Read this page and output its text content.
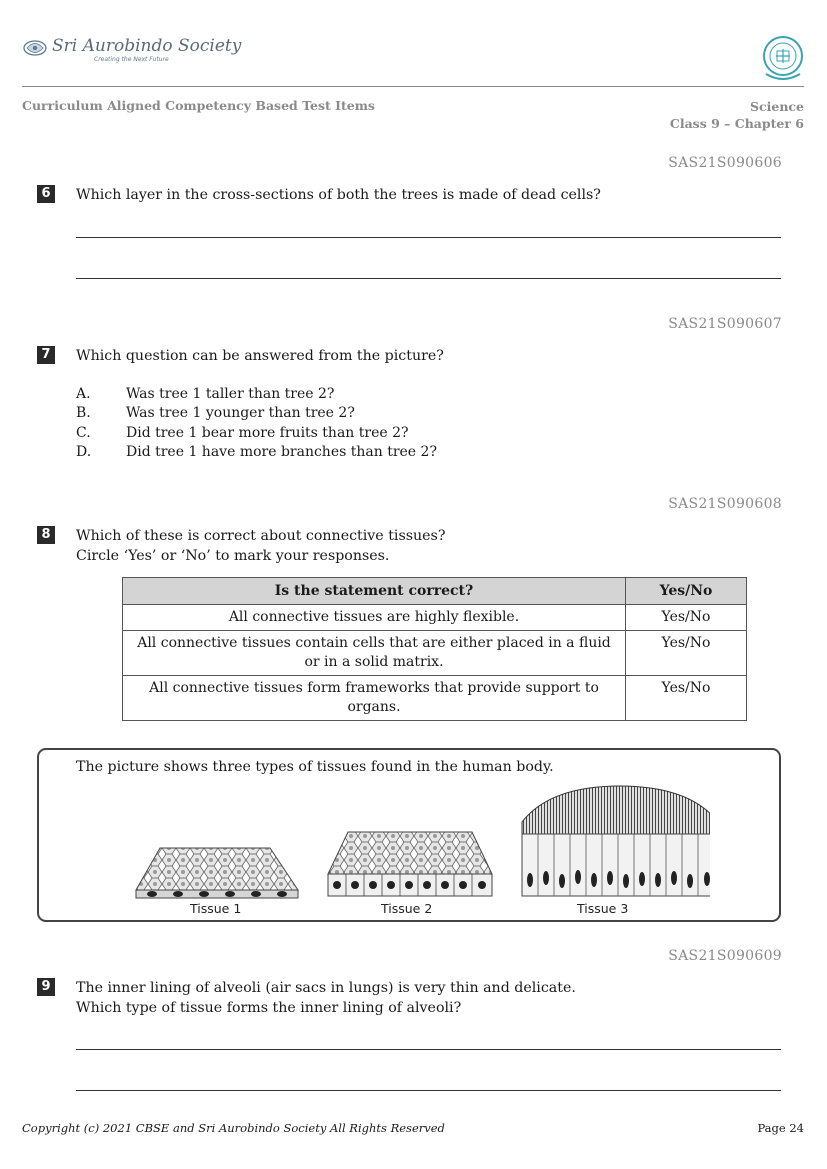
Sri Aurobindo Society
Creating the Next Future
Curriculum Aligned Competency Based Test Items	Science
Class 9 – Chapter 6
SAS21S090606
6	Which layer in the cross-sections of both the trees is made of dead cells?
SAS21S090607
7	Which question can be answered from the picture?
A.	Was tree 1 taller than tree 2?
B.	Was tree 1 younger than tree 2?
C.	Did tree 1 bear more fruits than tree 2?
D. Did tree 1 have more branches than tree 2?
SAS21S090608
8	Which of these is correct about connective tissues?
Circle ‘Yes’ or ‘No’ to mark your responses.
Is the statement correct?	Yes/No
All connective tissues are highly flexible.	Yes/No
All connective tissues contain cells that are either placed in a fluid or in a solid matrix.	Yes/No
All connective tissues form frameworks that provide support to organs.	Yes/No
The picture shows three types of tissues found in the human body.
Tissue 1	Tissue 2	Tissue 3
SAS21S090609
9	The inner lining of alveoli (air sacs in lungs) is very thin and delicate.
Which type of tissue forms the inner lining of alveoli?
Copyright (c) 2021 CBSE and Sri Aurobindo Society All Rights Reserved	Page 24
